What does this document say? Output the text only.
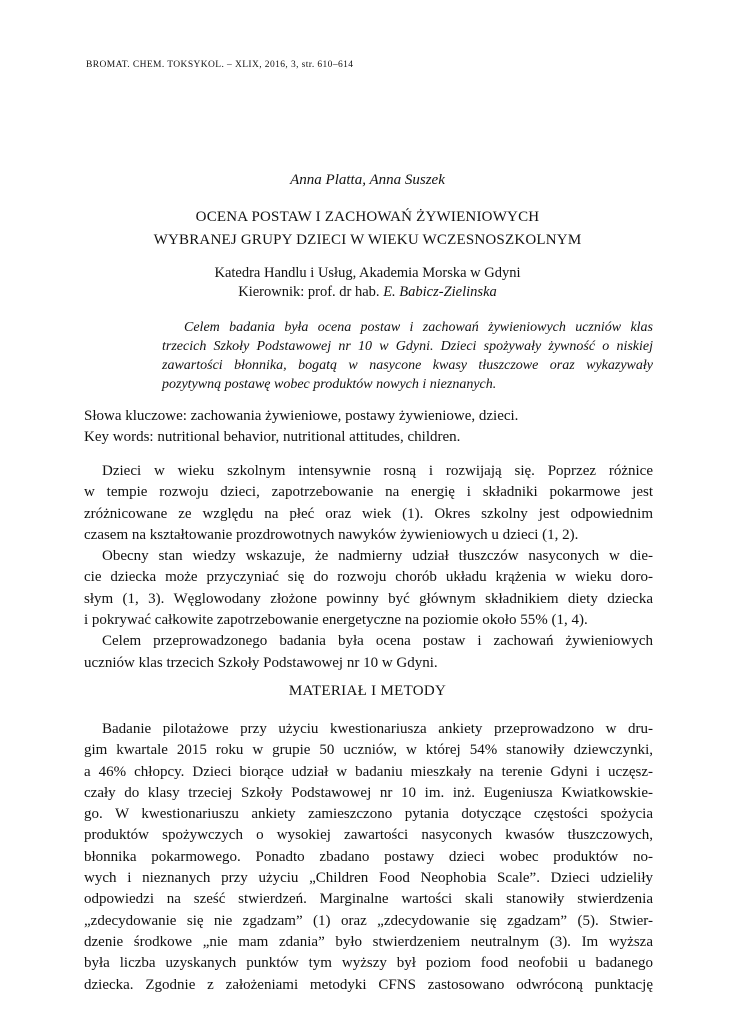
BROMAT. CHEM. TOKSYKOL. – XLIX, 2016, 3, str. 610–614
Anna Platta, Anna Suszek
OCENA POSTAW I ZACHOWAŃ ŻYWIENIOWYCH
WYBRANEJ GRUPY DZIECI W WIEKU WCZESNOSZKOLNYM
Katedra Handlu i Usług, Akademia Morska w Gdyni
Kierownik: prof. dr hab. E. Babicz-Zielinska
Celem badania była ocena postaw i zachowań żywieniowych uczniów klas
trzecich Szkoły Podstawowej nr 10 w Gdyni. Dzieci spożywały żywność o niskiej
zawartości błonnika, bogatą w nasycone kwasy tłuszczowe oraz wykazywały
pozytywną postawę wobec produktów nowych i nieznanych.
Słowa kluczowe: zachowania żywieniowe, postawy żywieniowe, dzieci.
Key words: nutritional behavior, nutritional attitudes, children.
Dzieci w wieku szkolnym intensywnie rosną i rozwijają się. Poprzez różnice
w tempie rozwoju dzieci, zapotrzebowanie na energię i składniki pokarmowe jest
zróżnicowane ze względu na płeć oraz wiek (1). Okres szkolny jest odpowiednim
czasem na kształtowanie prozdrowotnych nawyków żywieniowych u dzieci (1, 2).
Obecny stan wiedzy wskazuje, że nadmierny udział tłuszczów nasyconych w die-
cie dziecka może przyczyniać się do rozwoju chorób układu krążenia w wieku doro-
słym (1, 3). Węglowodany złożone powinny być głównym składnikiem diety dziecka
i pokrywać całkowite zapotrzebowanie energetyczne na poziomie około 55% (1, 4).
Celem przeprowadzonego badania była ocena postaw i zachowań żywieniowych
uczniów klas trzecich Szkoły Podstawowej nr 10 w Gdyni.
MATERIAŁ I METODY
Badanie pilotażowe przy użyciu kwestionariusza ankiety przeprowadzono w dru-
gim kwartale 2015 roku w grupie 50 uczniów, w której 54% stanowiły dziewczynki,
a 46% chłopcy. Dzieci biorące udział w badaniu mieszkały na terenie Gdyni i uczęsz-
czały do klasy trzeciej Szkoły Podstawowej nr 10 im. inż. Eugeniusza Kwiatkowskie-
go. W kwestionariuszu ankiety zamieszczono pytania dotyczące częstości spożycia
produktów spożywczych o wysokiej zawartości nasyconych kwasów tłuszczowych,
błonnika pokarmowego. Ponadto zbadano postawy dzieci wobec produktów no-
wych i nieznanych przy użyciu „Children Food Neophobia Scale”. Dzieci udzieliły
odpowiedzi na sześć stwierdzeń. Marginalne wartości skali stanowiły stwierdzenia
„zdecydowanie się nie zgadzam” (1) oraz „zdecydowanie się zgadzam” (5). Stwier-
dzenie środkowe „nie mam zdania” było stwierdzeniem neutralnym (3). Im wyższa
była liczba uzyskanych punktów tym wyższy był poziom food neofobii u badanego
dziecka. Zgodnie z założeniami metodyki CFNS zastosowano odwróconą punktację
